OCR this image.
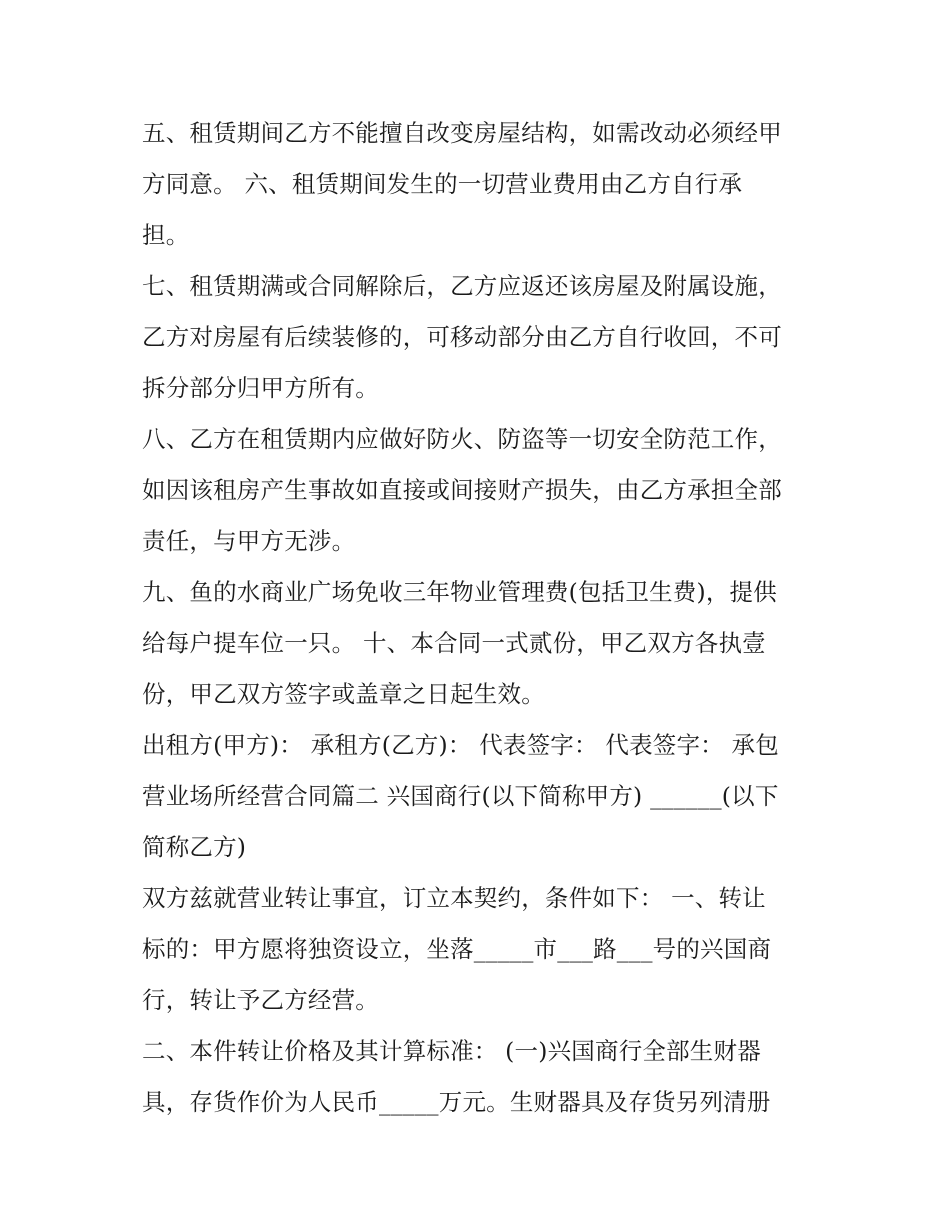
五、租赁期间乙方不能擅自改变房屋结构，如需改动必须经甲
方同意。 六、租赁期间发生的一切营业费用由乙方自行承
担。
七、租赁期满或合同解除后，乙方应返还该房屋及附属设施，
乙方对房屋有后续装修的，可移动部分由乙方自行收回，不可
拆分部分归甲方所有。
八、乙方在租赁期内应做好防火、防盗等一切安全防范工作，
如因该租房产生事故如直接或间接财产损失，由乙方承担全部
责任，与甲方无涉。
九、鱼的水商业广场免收三年物业管理费(包括卫生费)，提供
给每户提车位一只。 十、本合同一式贰份，甲乙双方各执壹
份，甲乙双方签字或盖章之日起生效。
出租方(甲方)： 承租方(乙方)： 代表签字： 代表签字： 承包
营业场所经营合同篇二 兴国商行(以下简称甲方) ______(以下
简称乙方)
双方兹就营业转让事宜，订立本契约，条件如下： 一、转让
标的：甲方愿将独资设立，坐落_____市___路___号的兴国商
行，转让予乙方经营。
二、本件转让价格及其计算标准： (一)兴国商行全部生财器
具，存货作价为人民币_____万元。生财器具及存货另列清册
